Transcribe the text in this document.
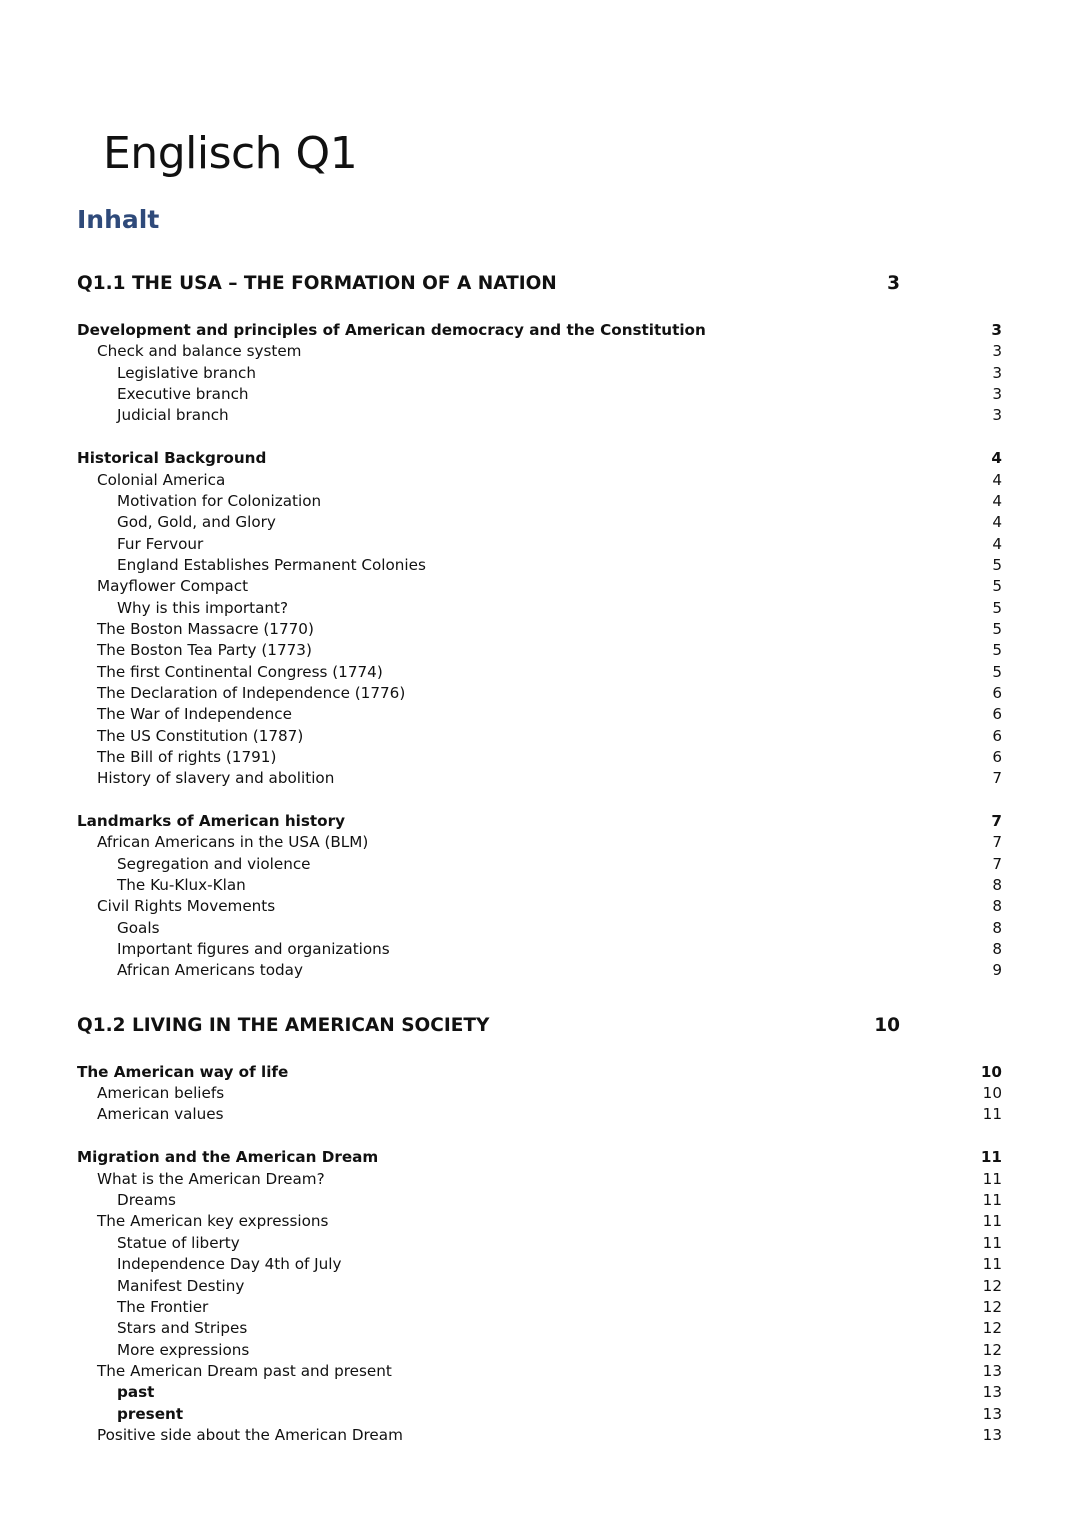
Englisch Q1
Inhalt
Q1.1 THE USA – THE FORMATION OF A NATION	3
Development and principles of American democracy and the Constitution	3
Check and balance system	3
Legislative branch	3
Executive branch	3
Judicial branch	3
Historical Background	4
Colonial America	4
Motivation for Colonization	4
God, Gold, and Glory	4
Fur Fervour	4
England Establishes Permanent Colonies	5
Mayflower Compact	5
Why is this important?	5
The Boston Massacre (1770)	5
The Boston Tea Party (1773)	5
The first Continental Congress (1774)	5
The Declaration of Independence (1776)	6
The War of Independence	6
The US Constitution (1787)	6
The Bill of rights (1791)	6
History of slavery and abolition	7
Landmarks of American history	7
African Americans in the USA (BLM)	7
Segregation and violence	7
The Ku-Klux-Klan	8
Civil Rights Movements	8
Goals	8
Important figures and organizations	8
African Americans today	9
Q1.2 LIVING IN THE AMERICAN SOCIETY	10
The American way of life	10
American beliefs	10
American values	11
Migration and the American Dream	11
What is the American Dream?	11
Dreams	11
The American key expressions	11
Statue of liberty	11
Independence Day 4th of July	11
Manifest Destiny	12
The Frontier	12
Stars and Stripes	12
More expressions	12
The American Dream past and present	13
past	13
present	13
Positive side about the American Dream	13
